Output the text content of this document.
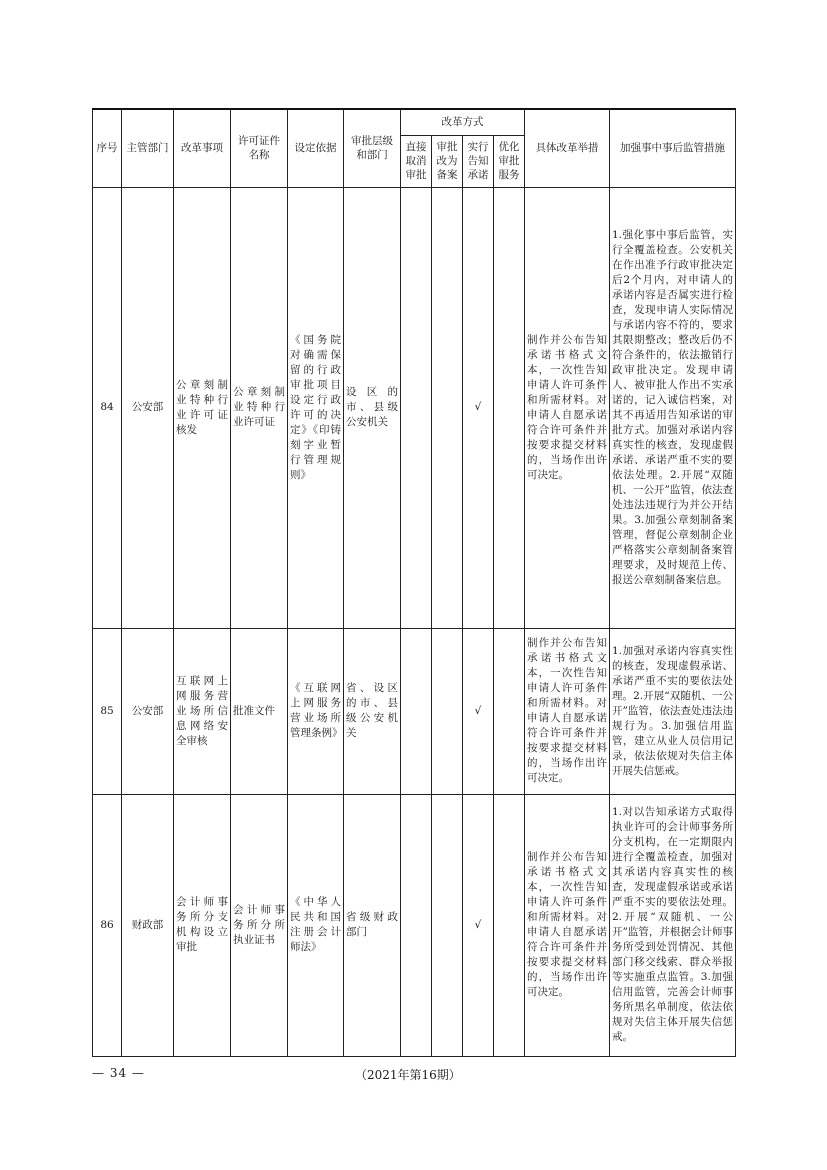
序号	主管部门	改革事项	许可证件名称	设定依据	审批层级和部门	改革方式				具体改革举措	加强事中事后监管措施
						直接取消审批	审批改为备案	实行告知承诺	优化审批服务		
84	公安部	公章刻制业特种行业许可证核发	公章刻制业特种行业许可证	《国务院对确需保留的行政审批项目设定行政许可的决定》《印铸刻字业暂行管理规则》	设区的市、县级公安机关			√		制作并公布告知承诺书格式文本，一次性告知申请人许可条件和所需材料。对申请人自愿承诺符合许可条件并按要求提交材料的，当场作出许可决定。	1.强化事中事后监管，实行全覆盖检查。公安机关在作出准予行政审批决定后2个月内，对申请人的承诺内容是否属实进行检查，发现申请人实际情况与承诺内容不符的，要求其限期整改；整改后仍不符合条件的，依法撤销行政审批决定。发现申请人、被审批人作出不实承诺的，记入诚信档案，对其不再适用告知承诺的审批方式。加强对承诺内容真实性的核查，发现虚假承诺、承诺严重不实的要依法处理。2.开展“双随机、一公开”监管，依法查处违法违规行为并公开结果。3.加强公章刻制备案管理，督促公章刻制企业严格落实公章刻制备案管理要求，及时规范上传、报送公章刻制备案信息。
85	公安部	互联网上网服务营业场所信息网络安全审核	批准文件	《互联网上网服务营业场所管理条例》	省、设区的市、县级公安机关			√		制作并公布告知承诺书格式文本，一次性告知申请人许可条件和所需材料。对申请人自愿承诺符合许可条件并按要求提交材料的，当场作出许可决定。	1.加强对承诺内容真实性的核查，发现虚假承诺、承诺严重不实的要依法处理。2.开展“双随机、一公开”监管，依法查处违法违规行为。3.加强信用监管，建立从业人员信用记录，依法依规对失信主体开展失信惩戒。
86	财政部	会计师事务所分支机构设立审批	会计师事务所分所执业证书	《中华人民共和国注册会计师法》	省级财政部门			√		制作并公布告知承诺书格式文本，一次性告知申请人许可条件和所需材料。对申请人自愿承诺符合许可条件并按要求提交材料的，当场作出许可决定。	1.对以告知承诺方式取得执业许可的会计师事务所分支机构，在一定期限内进行全覆盖检查，加强对其承诺内容真实性的核查，发现虚假承诺或承诺严重不实的要依法处理。2.开展“双随机、一公开”监管，并根据会计师事务所受到处罚情况、其他部门移交线索、群众举报等实施重点监管。3.加强信用监管，完善会计师事务所黑名单制度，依法依规对失信主体开展失信惩戒。
— 34 —	（2021年第16期）
